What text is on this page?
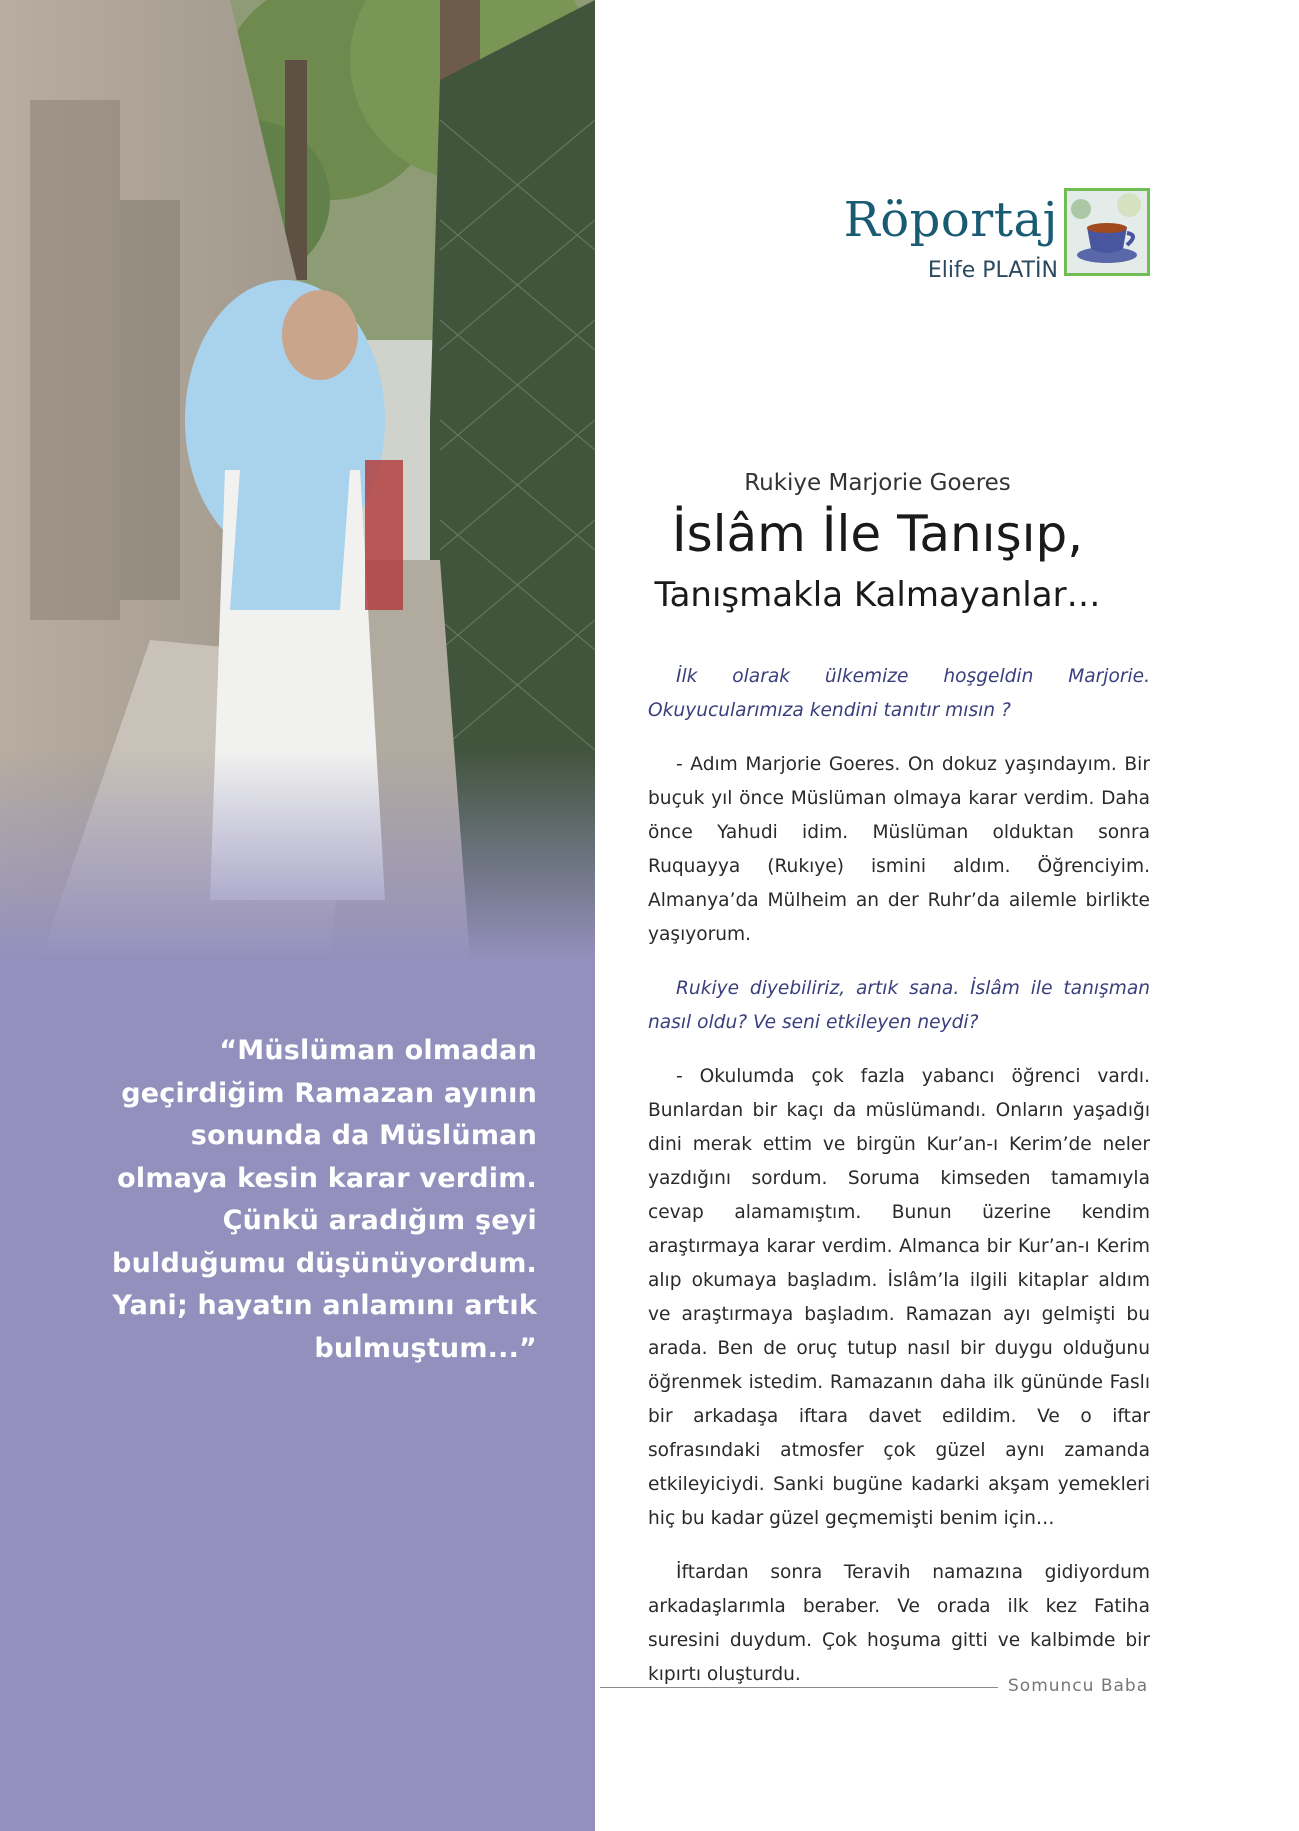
“Müslüman olmadan
geçirdiğim Ramazan ayının
sonunda da Müslüman
olmaya kesin karar verdim.
Çünkü aradığım şeyi
bulduğumu düşünüyordum.
Yani; hayatın anlamını artık
bulmuştum...”
Röportaj
Elife PLATİN
Rukiye Marjorie Goeres
İslâm İle Tanışıp,
Tanışmakla Kalmayanlar…

İlk olarak ülkemize hoşgeldin Marjorie. Okuyucularımıza kendini tanıtır mısın ?

- Adım Marjorie Goeres. On dokuz yaşındayım. Bir buçuk yıl önce Müslüman olmaya karar verdim. Daha önce Yahudi idim. Müslüman olduktan sonra Ruquayya (Rukıye) ismini aldım. Öğrenciyim. Almanya’da Mülheim an der Ruhr’da ailemle birlikte yaşıyorum.

Rukiye diyebiliriz, artık sana. İslâm ile tanışman nasıl oldu? Ve seni etkileyen neydi?

- Okulumda çok fazla yabancı öğrenci vardı. Bunlardan bir kaçı da müslümandı. Onların yaşadığı dini merak ettim ve birgün Kur’an-ı Kerim’de neler yazdığını sordum. Soruma kimseden tamamıyla cevap alamamıştım. Bunun üzerine kendim araştırmaya karar verdim. Almanca bir Kur’an-ı Kerim alıp okumaya başladım. İslâm’la ilgili kitaplar aldım ve araştırmaya başladım. Ramazan ayı gelmişti bu arada. Ben de oruç tutup nasıl bir duygu olduğunu öğrenmek istedim. Ramazanın daha ilk gününde Faslı bir arkadaşa iftara davet edildim. Ve o iftar sofrasındaki atmosfer çok güzel aynı zamanda etkileyiciydi. Sanki bugüne kadarki akşam yemekleri hiç bu kadar güzel geçmemişti benim için…

İftardan sonra Teravih namazına gidiyordum arkadaşlarımla beraber. Ve orada ilk kez Fatiha suresini duydum. Çok hoşuma gitti ve kalbimde bir kıpırtı oluşturdu.

Somuncu Baba
